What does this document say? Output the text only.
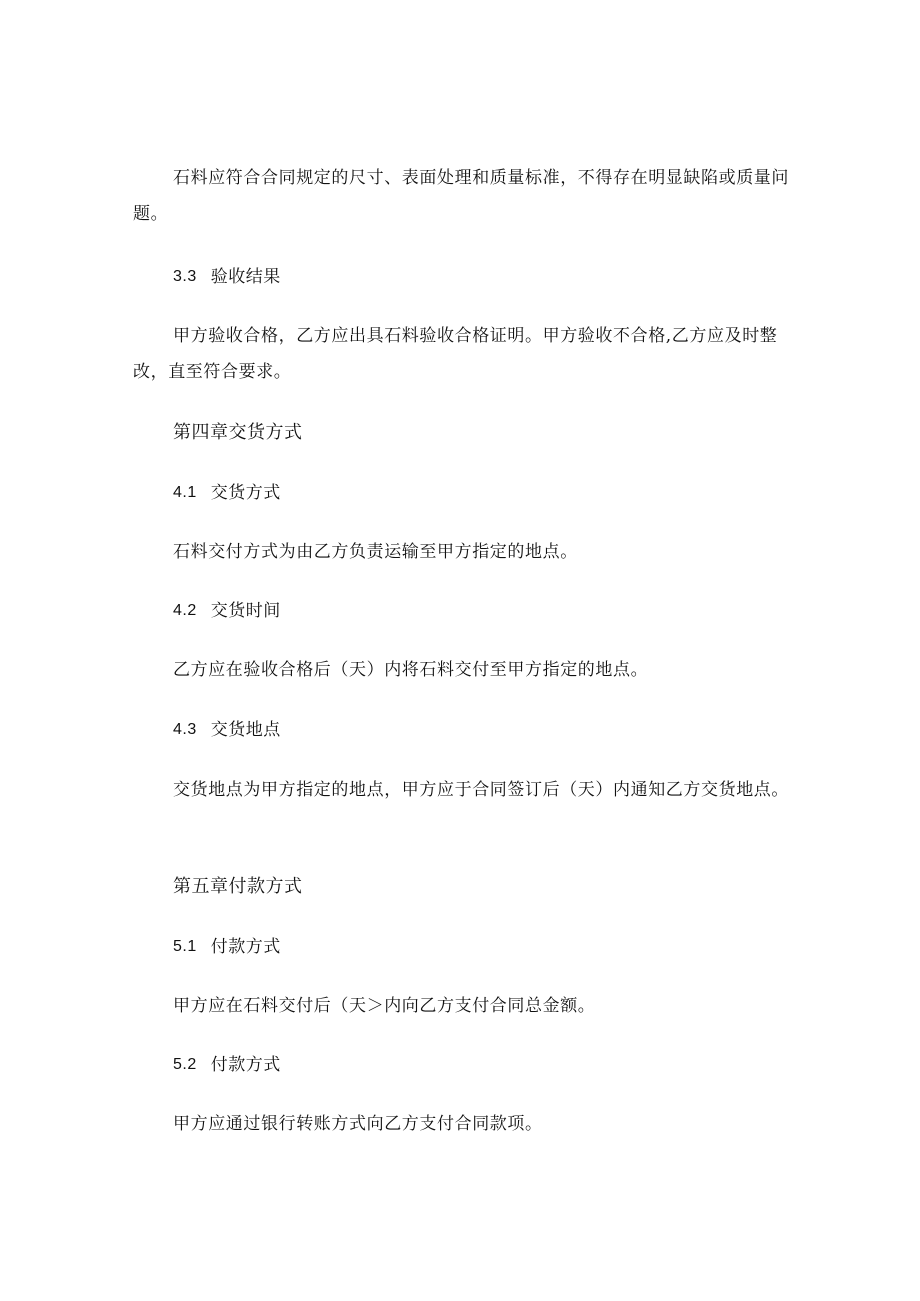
石料应符合合同规定的尺寸、表面处理和质量标准，不得存在明显缺陷或质量问题。

3.3 验收结果

甲方验收合格，乙方应出具石料验收合格证明。甲方验收不合格,乙方应及时整改，直至符合要求。

第四章交货方式
4.1 交货方式

石料交付方式为由乙方负责运输至甲方指定的地点。

4.2 交货时间

乙方应在验收合格后（天）内将石料交付至甲方指定的地点。

4.3 交货地点

交货地点为甲方指定的地点，甲方应于合同签订后（天）内通知乙方交货地点。

第五章付款方式
5.1 付款方式

甲方应在石料交付后（天＞内向乙方支付合同总金额。

5.2 付款方式

甲方应通过银行转账方式向乙方支付合同款项。
